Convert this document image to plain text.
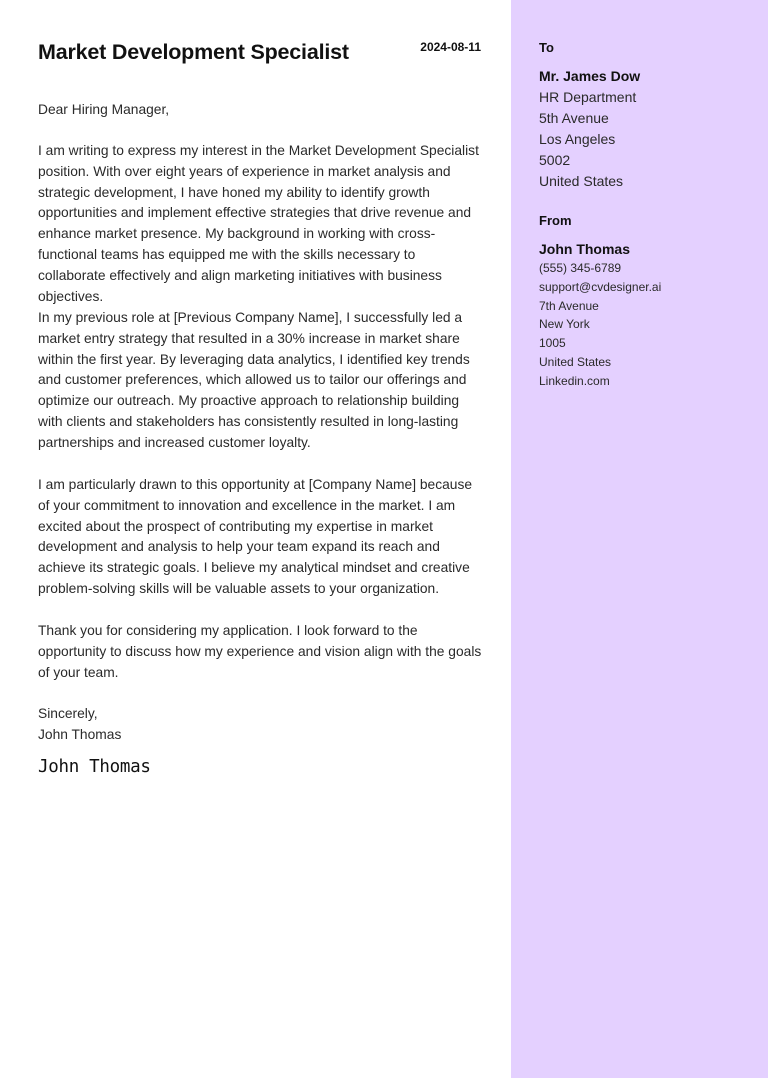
Market Development Specialist	2024-08-11

Dear Hiring Manager,

I am writing to express my interest in the Market Development Specialist position. With over eight years of experience in market analysis and strategic development, I have honed my ability to identify growth opportunities and implement effective strategies that drive revenue and enhance market presence. My background in working with cross-functional teams has equipped me with the skills necessary to collaborate effectively and align marketing initiatives with business objectives.

In my previous role at [Previous Company Name], I successfully led a market entry strategy that resulted in a 30% increase in market share within the first year. By leveraging data analytics, I identified key trends and customer preferences, which allowed us to tailor our offerings and optimize our outreach. My proactive approach to relationship building with clients and stakeholders has consistently resulted in long-lasting partnerships and increased customer loyalty.

I am particularly drawn to this opportunity at [Company Name] because of your commitment to innovation and excellence in the market. I am excited about the prospect of contributing my expertise in market development and analysis to help your team expand its reach and achieve its strategic goals. I believe my analytical mindset and creative problem-solving skills will be valuable assets to your organization.

Thank you for considering my application. I look forward to the opportunity to discuss how my experience and vision align with the goals of your team.

Sincerely,

John Thomas

John Thomas

To

Mr. James Dow
HR Department
5th Avenue
Los Angeles
5002
United States

From

John Thomas
(555) 345-6789
support@cvdesigner.ai
7th Avenue
New York
1005
United States
Linkedin.com
